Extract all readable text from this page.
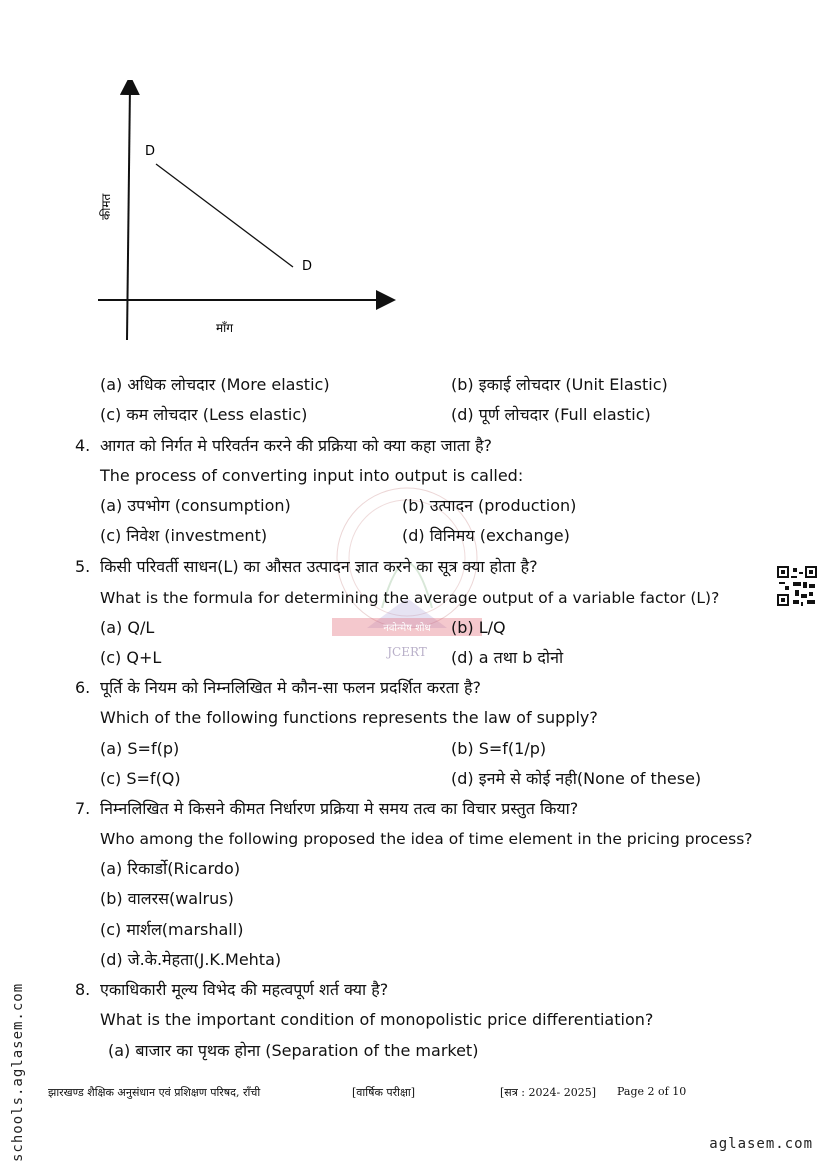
D
D
कीमत
माँग
नवोन्मेष शोध
JCERT
(a) अधिक लोचदार (More elastic)	(b) इकाई लोचदार (Unit Elastic)
(c) कम लोचदार (Less elastic)	(d) पूर्ण लोचदार (Full elastic)
4. आगत को निर्गत मे परिवर्तन करने की प्रक्रिया को क्या कहा जाता है?
The process of converting input into output is called:
(a) उपभोग (consumption)	(b) उत्पादन (production)
(c) निवेश (investment)	(d) विनिमय (exchange)
5. किसी परिवर्ती साधन(L) का औसत उत्पादन ज्ञात करने का सूत्र क्या होता है?
What is the formula for determining the average output of a variable factor (L)?
(a) Q/L	(b) L/Q
(c) Q+L	(d) a तथा b दोनो
6. पूर्ति के नियम को निम्नलिखित मे कौन-सा फलन प्रदर्शित करता है?
Which of the following functions represents the law of supply?
(a) S=f(p)	(b) S=f(1/p)
(c) S=f(Q)	(d) इनमे से कोई नही(None of these)
7. निम्नलिखित मे किसने कीमत निर्धारण प्रक्रिया मे समय तत्व का विचार प्रस्तुत किया?
Who among the following proposed the idea of time element in the pricing process?
(a) रिकार्डो(Ricardo)
(b) वालरस(walrus)
(c) मार्शल(marshall)
(d) जे.के.मेहता(J.K.Mehta)
8. एकाधिकारी मूल्य विभेद की महत्वपूर्ण शर्त क्या है?
What is the important condition of monopolistic price differentiation?
(a) बाजार का पृथक होना (Separation of the market)
झारखण्ड शैक्षिक अनुसंधान एवं प्रशिक्षण परिषद, राँची	[वार्षिक परीक्षा]	[सत्र : 2024- 2025] Page 2 of 10
schools.aglasem.com	aglasem.com
